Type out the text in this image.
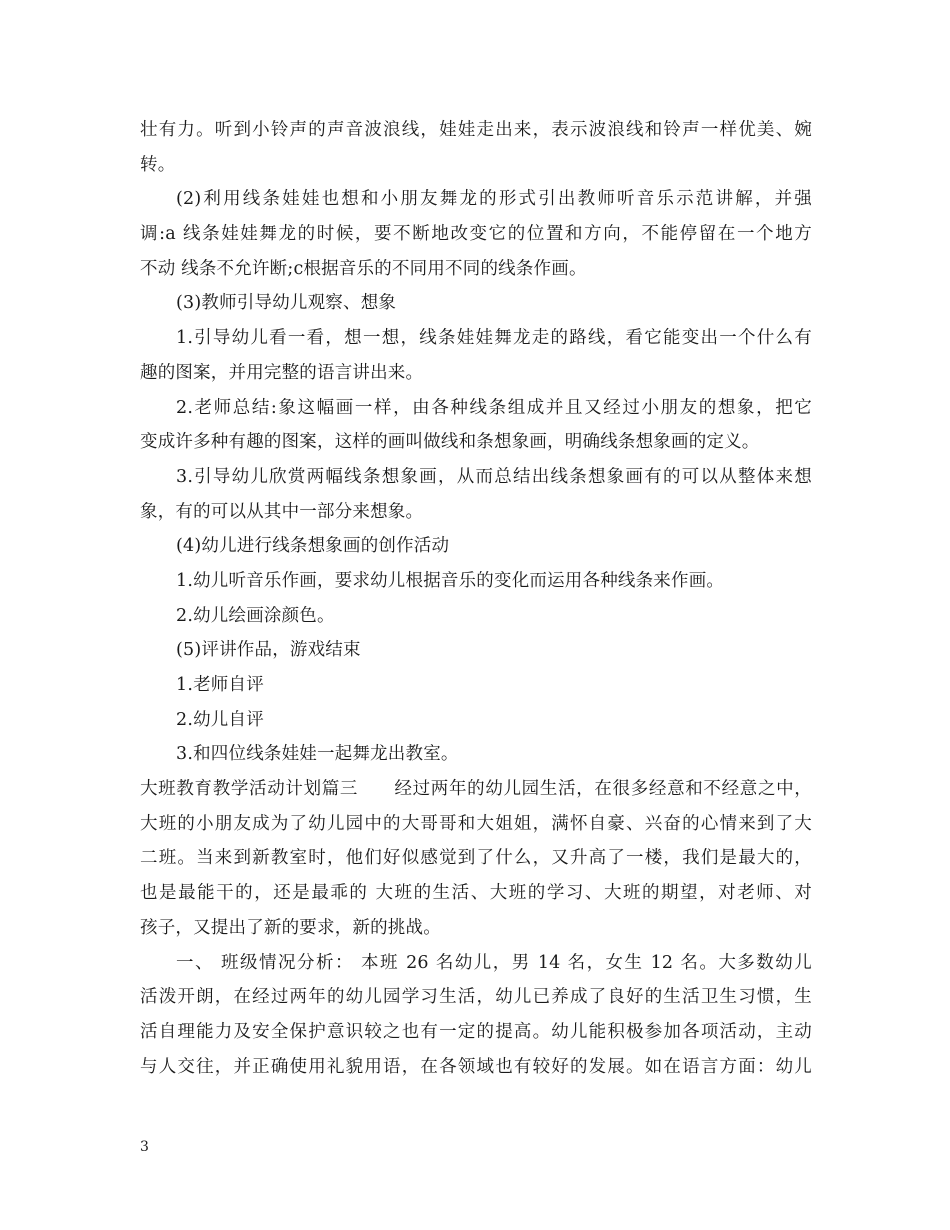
壮有力。听到小铃声的声音波浪线，娃娃走出来，表示波浪线和铃声一样优美、婉
转。
(2)利用线条娃娃也想和小朋友舞龙的形式引出教师听音乐示范讲解，并强
调:a 线条娃娃舞龙的时候，要不断地改变它的位置和方向，不能停留在一个地方
不动 线条不允许断;c根据音乐的不同用不同的线条作画。
(3)教师引导幼儿观察、想象
1.引导幼儿看一看，想一想，线条娃娃舞龙走的路线，看它能变出一个什么有
趣的图案，并用完整的语言讲出来。
2.老师总结:象这幅画一样，由各种线条组成并且又经过小朋友的想象，把它
变成许多种有趣的图案，这样的画叫做线和条想象画，明确线条想象画的定义。
3.引导幼儿欣赏两幅线条想象画，从而总结出线条想象画有的可以从整体来想
象，有的可以从其中一部分来想象。
(4)幼儿进行线条想象画的创作活动
1.幼儿听音乐作画，要求幼儿根据音乐的变化而运用各种线条来作画。
2.幼儿绘画涂颜色。
(5)评讲作品，游戏结束
1.老师自评
2.幼儿自评
3.和四位线条娃娃一起舞龙出教室。
大班教育教学活动计划篇三　　经过两年的幼儿园生活，在很多经意和不经意之中，
大班的小朋友成为了幼儿园中的大哥哥和大姐姐，满怀自豪、兴奋的心情来到了大
二班。当来到新教室时，他们好似感觉到了什么，又升高了一楼，我们是最大的，
也是最能干的，还是最乖的 大班的生活、大班的学习、大班的期望，对老师、对
孩子，又提出了新的要求，新的挑战。
一、 班级情况分析： 本班 26 名幼儿，男 14 名，女生 12 名。大多数幼儿
活泼开朗，在经过两年的幼儿园学习生活，幼儿已养成了良好的生活卫生习惯，生
活自理能力及安全保护意识较之也有一定的提高。幼儿能积极参加各项活动，主动
与人交往，并正确使用礼貌用语，在各领域也有较好的发展。如在语言方面：幼儿
3
